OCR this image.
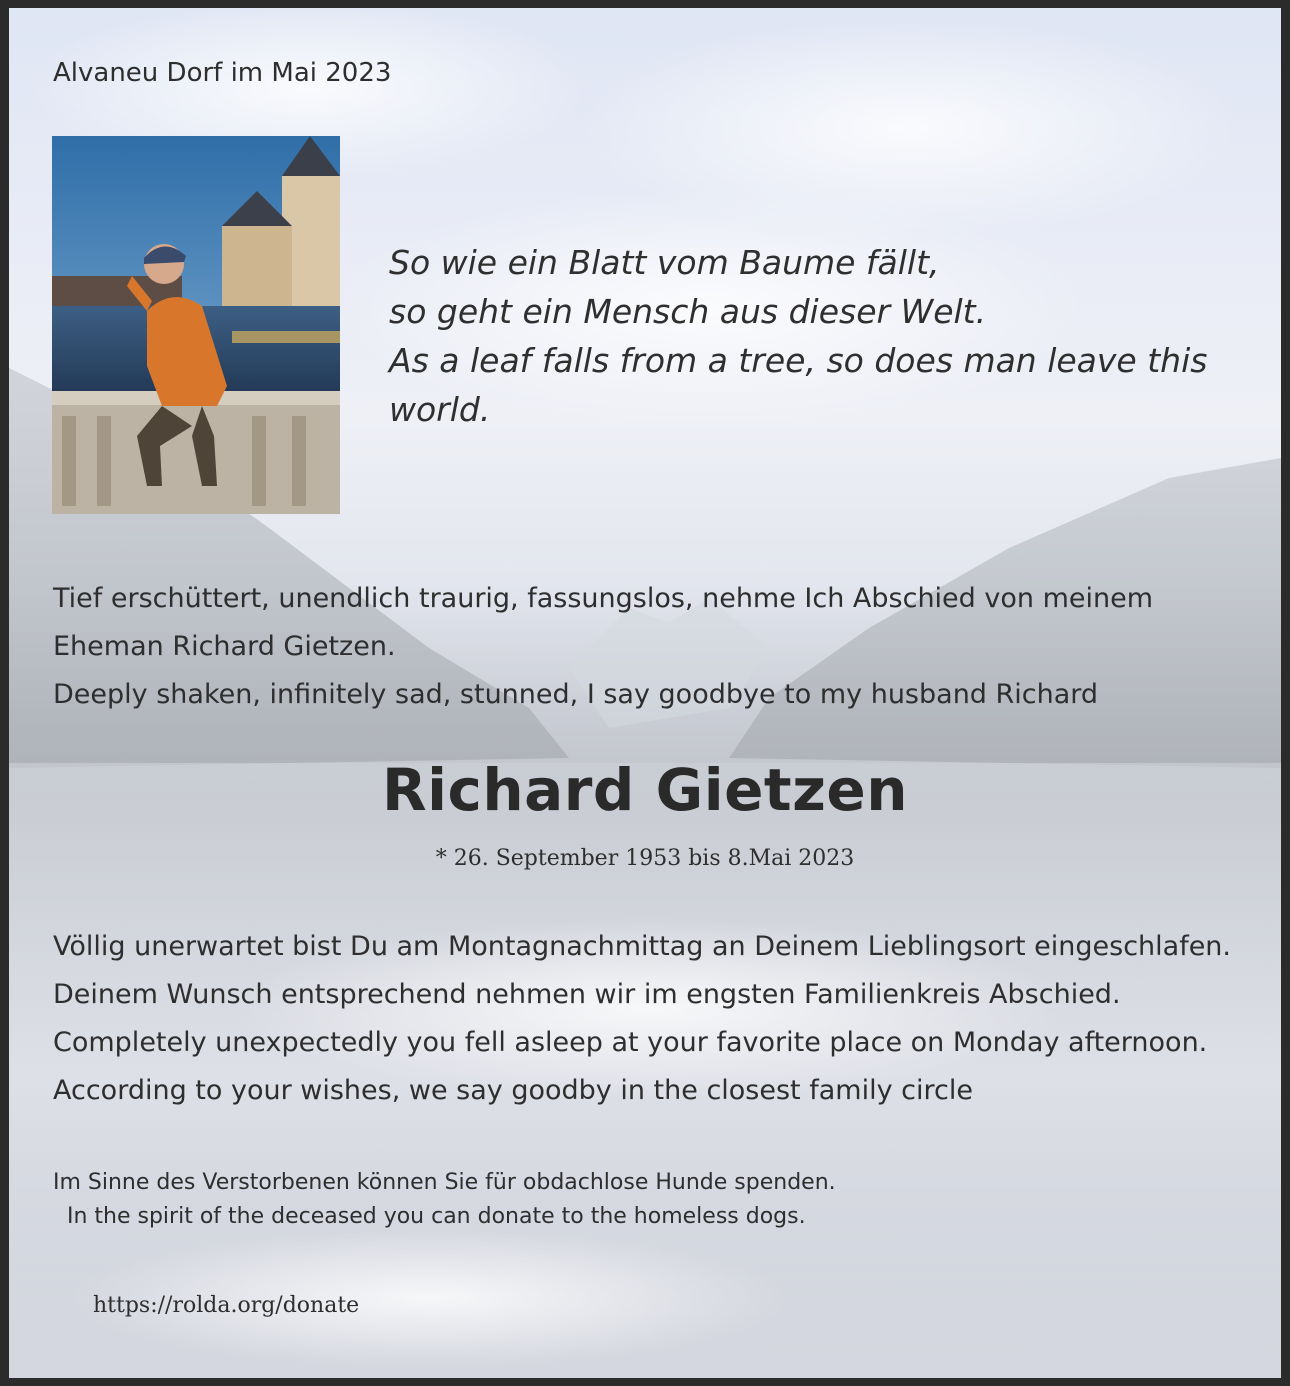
Alvaneu Dorf im Mai 2023

So wie ein Blatt vom Baume fällt,
so geht ein Mensch aus dieser Welt.
As a leaf falls from a tree, so does man leave this
world.
Tief erschüttert, unendlich traurig, fassungslos, nehme Ich Abschied von meinem
Eheman Richard Gietzen.
Deeply shaken, infinitely sad, stunned, I say goodbye to my husband Richard
Richard Gietzen
* 26. September 1953 bis 8.Mai 2023
Völlig unerwartet bist Du am Montagnachmittag an Deinem Lieblingsort eingeschlafen.
Deinem Wunsch entsprechend nehmen wir im engsten Familienkreis Abschied.
Completely unexpectedly you fell asleep at your favorite place on Monday afternoon.
According to your wishes, we say goodby in the closest family circle
Im Sinne des Verstorbenen können Sie für obdachlose Hunde spenden.
In the spirit of the deceased you can donate to the homeless dogs.
https://rolda.org/donate
